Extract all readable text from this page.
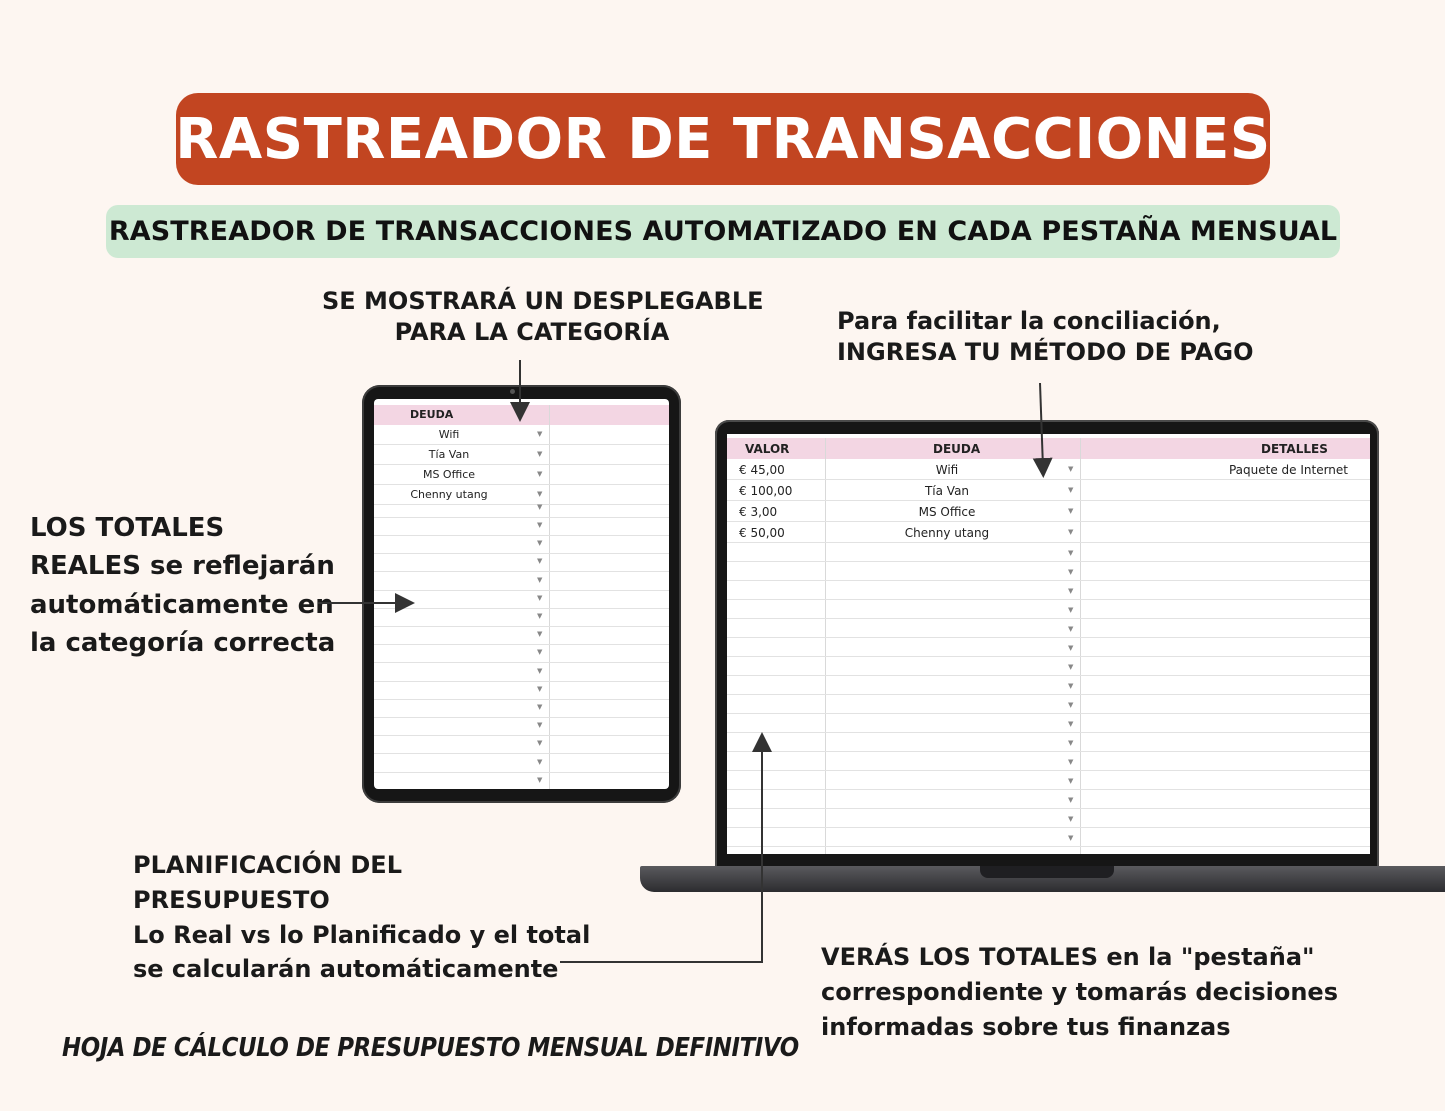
RASTREADOR DE TRANSACCIONES
RASTREADOR DE TRANSACCIONES AUTOMATIZADO EN CADA PESTAÑA MENSUAL
SE MOSTRARÁ UN DESPLEGABLE
PARA LA CATEGORÍA	Para facilitar la conciliación,
INGRESA TU MÉTODO DE PAGO
LOS TOTALES
REALES se reflejarán
automáticamente en
la categoría correcta
PLANIFICACIÓN DEL
PRESUPUESTO
Lo Real vs lo Planificado y el total
se calcularán automáticamente	VERÁS LOS TOTALES en la "pestaña"
correspondiente y tomarás decisiones
informadas sobre tus finanzas
DEUDA
Wifi	▼
Tía Van	▼
MS Office	▼
Chenny utang	▼
▼
▼
▼
▼
▼
▼
▼
▼
▼
▼
▼
▼
▼
▼
▼
▼
VALOR	DEUDA	DETALLES
€ 45,00	Wifi	▼	Paquete de Internet
€ 100,00	Tía Van	▼
€ 3,00	MS Office	▼
€ 50,00	Chenny utang	▼
▼
▼
▼
▼
▼
▼
▼
▼
▼
▼
▼
▼
▼
▼
▼
▼
HOJA DE CÁLCULO DE PRESUPUESTO MENSUAL DEFINITIVO
